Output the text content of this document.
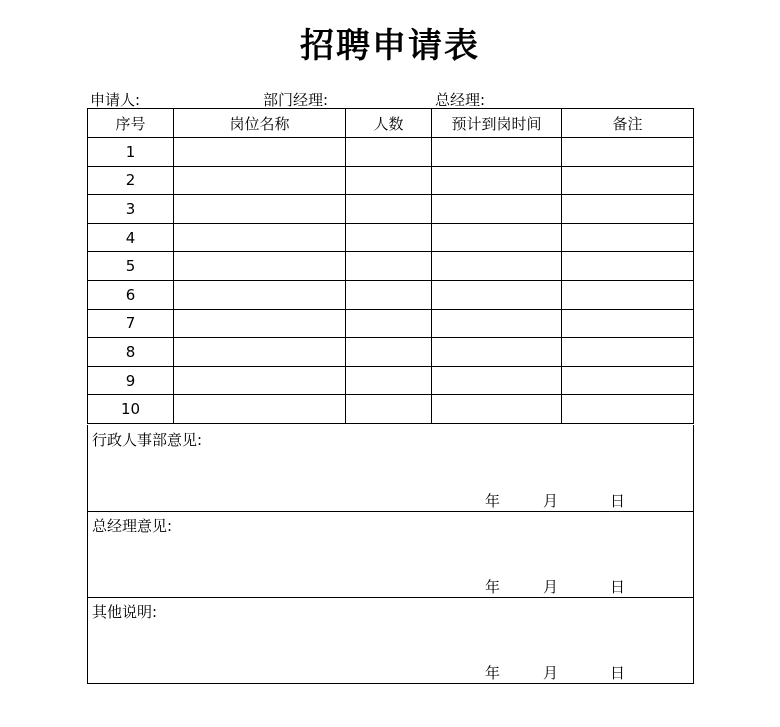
招聘申请表
申请人:	部门经理:	总经理:
序号	岗位名称	人数	预计到岗时间	备注
1				
2				
3				
4				
5				
6				
7				
8				
9				
10				
行政人事部意见:
年	月	日
总经理意见:
年	月	日
其他说明:
年	月	日
